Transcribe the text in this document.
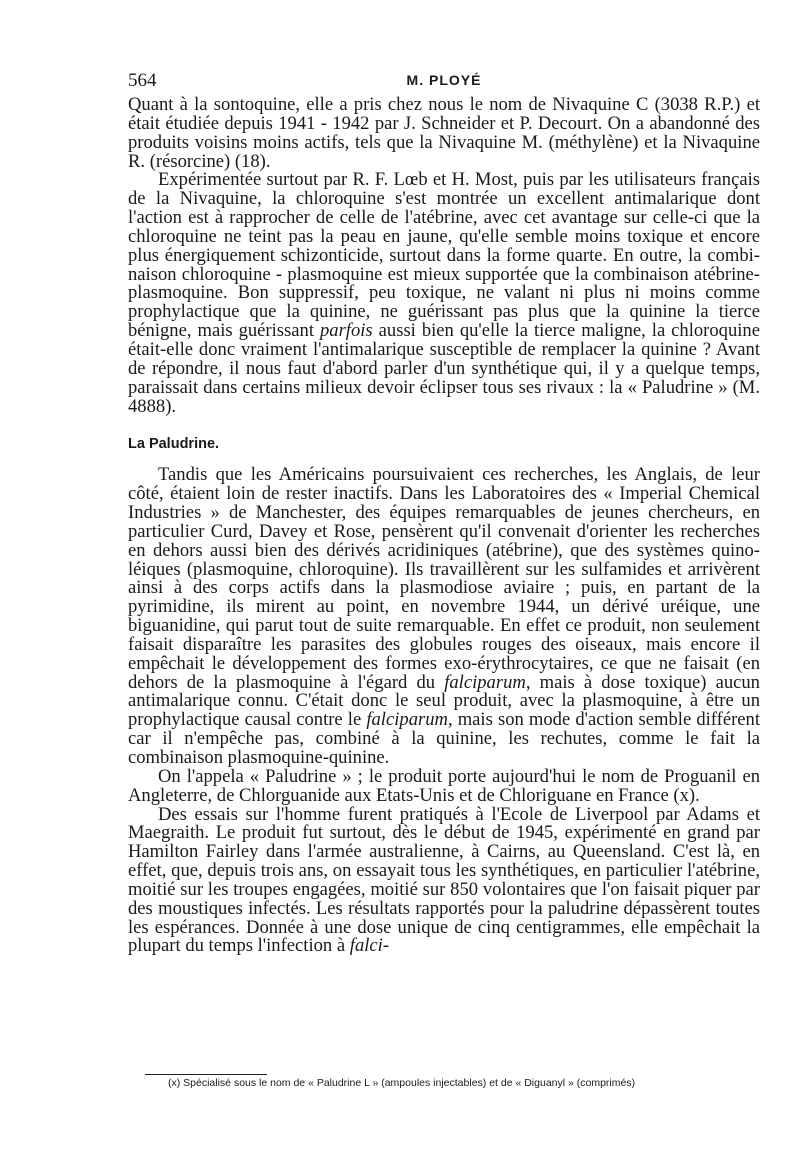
564	M. PLOYÉ

Quant à la sontoquine, elle a pris chez nous le nom de Nivaquine C (3038 R.P.) et était étudiée depuis 1941 - 1942 par J. Schneider et P. Decourt. On a abandonné des produits voisins moins actifs, tels que la Nivaquine M. (méthylène) et la Nivaquine R. (résorcine) (18).

Expérimentée surtout par R. F. Lœb et H. Most, puis par les utilisateurs français de la Nivaquine, la chloroquine s'est montrée un excellent antimalarique dont l'action est à rapprocher de celle de l'atébrine, avec cet avantage sur celle-ci que la chloroquine ne teint pas la peau en jaune, qu'elle semble moins toxique et encore plus énergiquement schizonticide, surtout dans la forme quarte. En outre, la combinaison chloroquine - plasmoquine est mieux supportée que la combinaison atébrine-plasmoquine. Bon suppressif, peu toxique, ne valant ni plus ni moins comme prophylactique que la quinine, ne guérissant pas plus que la quinine la tierce bénigne, mais guérissant parfois aussi bien qu'elle la tierce maligne, la chloroquine était-elle donc vraiment l'antimalarique susceptible de remplacer la quinine ? Avant de répondre, il nous faut d'abord parler d'un synthétique qui, il y a quelque temps, paraissait dans certains milieux devoir éclipser tous ses rivaux : la « Paludrine » (M. 4888).

La Paludrine.

Tandis que les Américains poursuivaient ces recherches, les Anglais, de leur côté, étaient loin de rester inactifs. Dans les Laboratoires des « Imperial Chemical Industries » de Manchester, des équipes remarquables de jeunes chercheurs, en particulier Curd, Davey et Rose, pensèrent qu'il convenait d'orienter les recherches en dehors aussi bien des dérivés acridiniques (atébrine), que des systèmes quinoléiques (plasmoquine, chloroquine). Ils travaillèrent sur les sulfamides et arrivèrent ainsi à des corps actifs dans la plasmodiose aviaire ; puis, en partant de la pyrimidine, ils mirent au point, en novembre 1944, un dérivé uréique, une biguanidine, qui parut tout de suite remarquable. En effet ce produit, non seulement faisait disparaître les parasites des globules rouges des oiseaux, mais encore il empêchait le développement des formes exo-érythrocytaires, ce que ne faisait (en dehors de la plasmoquine à l'égard du falciparum, mais à dose toxique) aucun antimalarique connu. C'était donc le seul produit, avec la plasmoquine, à être un prophylactique causal contre le falciparum, mais son mode d'action semble différent car il n'empêche pas, combiné à la quinine, les rechutes, comme le fait la combinaison plasmoquine-quinine.

On l'appela « Paludrine » ; le produit porte aujourd'hui le nom de Proguanil en Angleterre, de Chlorguanide aux Etats-Unis et de Chloriguane en France (x).

Des essais sur l'homme furent pratiqués à l'Ecole de Liverpool par Adams et Maegraith. Le produit fut surtout, dès le début de 1945, expérimenté en grand par Hamilton Fairley dans l'armée australienne, à Cairns, au Queensland. C'est là, en effet, que, depuis trois ans, on essayait tous les synthétiques, en particulier l'atébrine, moitié sur les troupes engagées, moitié sur 850 volontaires que l'on faisait piquer par des moustiques infectés. Les résultats rapportés pour la paludrine dépassèrent toutes les espérances. Donnée à une dose unique de cinq centigrammes, elle empêchait la plupart du temps l'infection à falci-

(x) Spécialisé sous le nom de « Paludrine L » (ampoules injectables) et de « Diguanyl » (comprimés)
